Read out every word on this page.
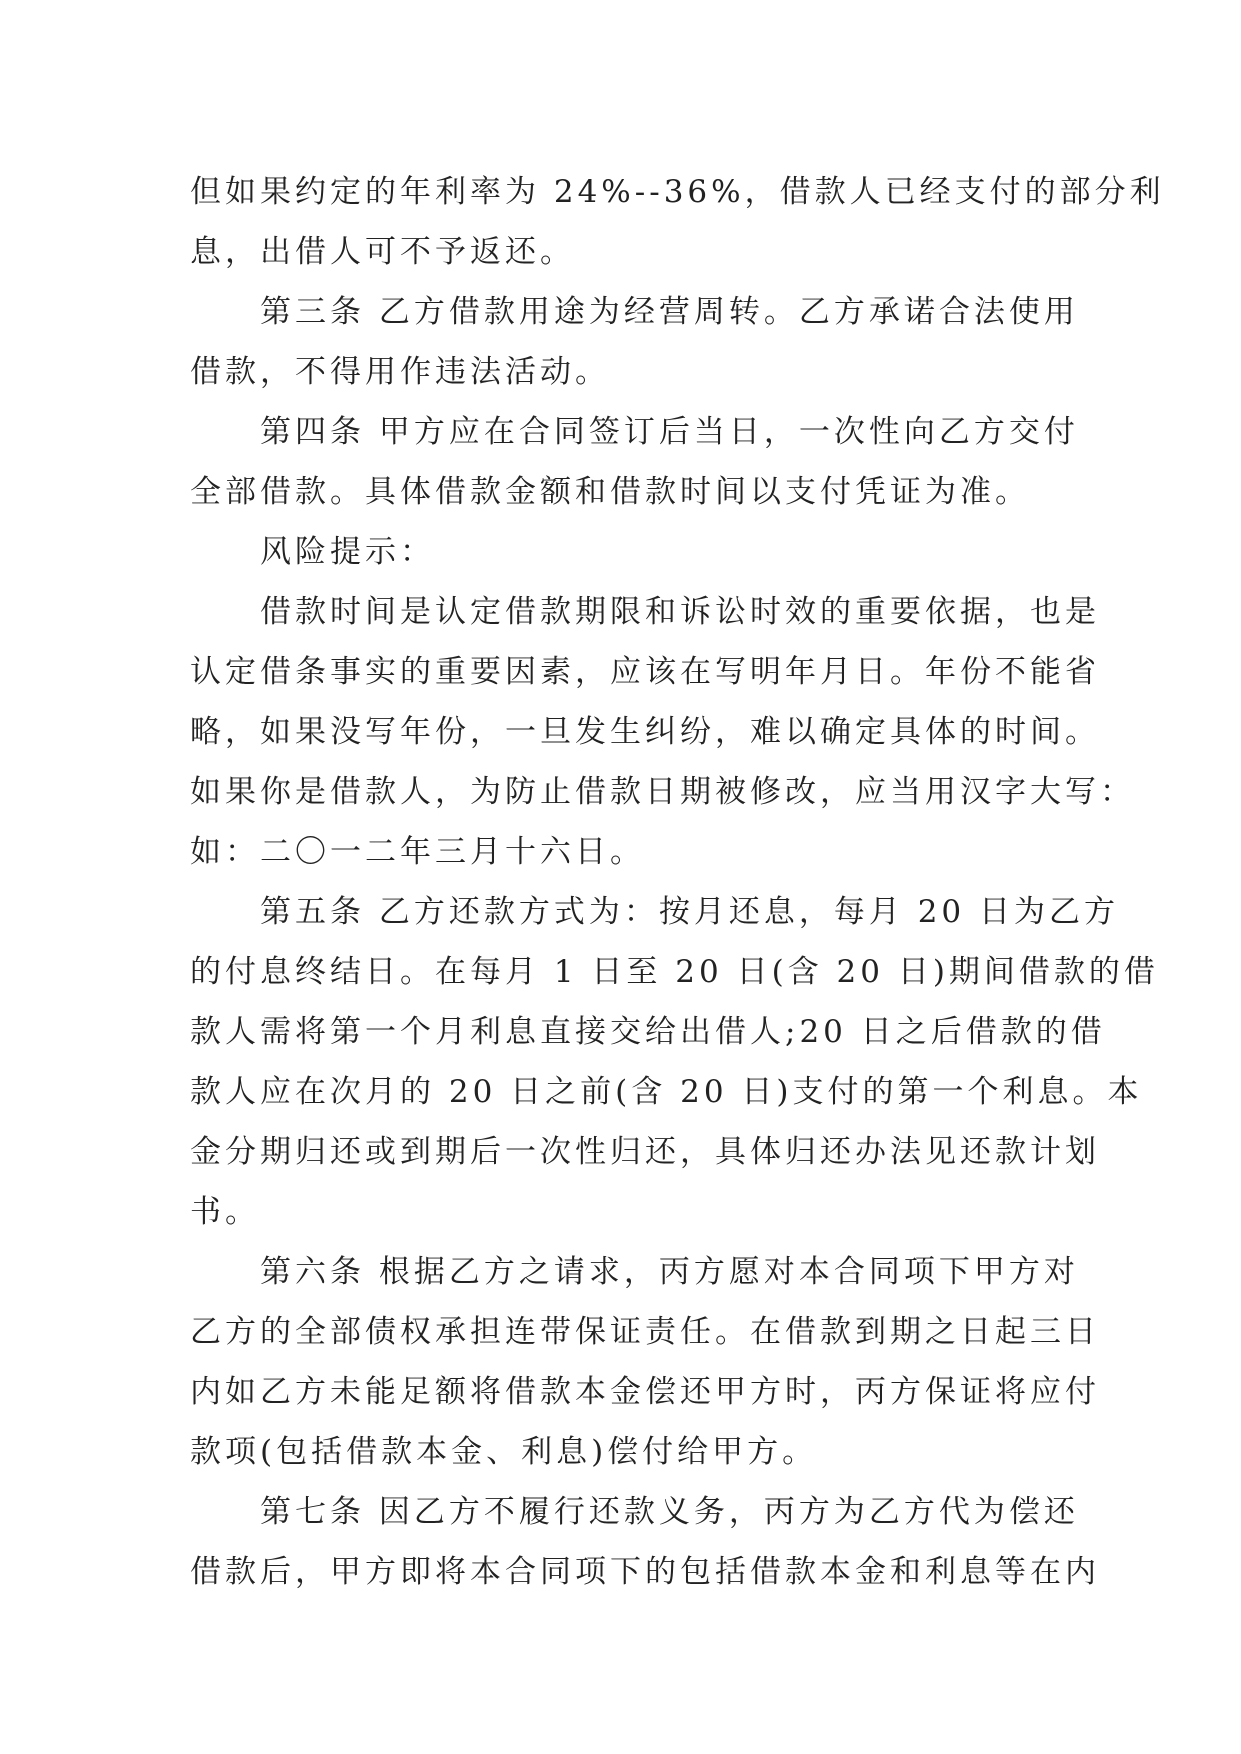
但如果约定的年利率为 24%--36%，借款人已经支付的部分利
息，出借人可不予返还。
第三条 乙方借款用途为经营周转。乙方承诺合法使用
借款，不得用作违法活动。
第四条 甲方应在合同签订后当日，一次性向乙方交付
全部借款。具体借款金额和借款时间以支付凭证为准。
风险提示：
借款时间是认定借款期限和诉讼时效的重要依据，也是
认定借条事实的重要因素，应该在写明年月日。年份不能省
略，如果没写年份，一旦发生纠纷，难以确定具体的时间。
如果你是借款人，为防止借款日期被修改，应当用汉字大写：
如：二〇一二年三月十六日。
第五条 乙方还款方式为：按月还息，每月 20 日为乙方
的付息终结日。在每月 1 日至 20 日(含 20 日)期间借款的借
款人需将第一个月利息直接交给出借人;20 日之后借款的借
款人应在次月的 20 日之前(含 20 日)支付的第一个利息。本
金分期归还或到期后一次性归还，具体归还办法见还款计划
书。
第六条 根据乙方之请求，丙方愿对本合同项下甲方对
乙方的全部债权承担连带保证责任。在借款到期之日起三日
内如乙方未能足额将借款本金偿还甲方时，丙方保证将应付
款项(包括借款本金、利息)偿付给甲方。
第七条 因乙方不履行还款义务，丙方为乙方代为偿还
借款后，甲方即将本合同项下的包括借款本金和利息等在内
